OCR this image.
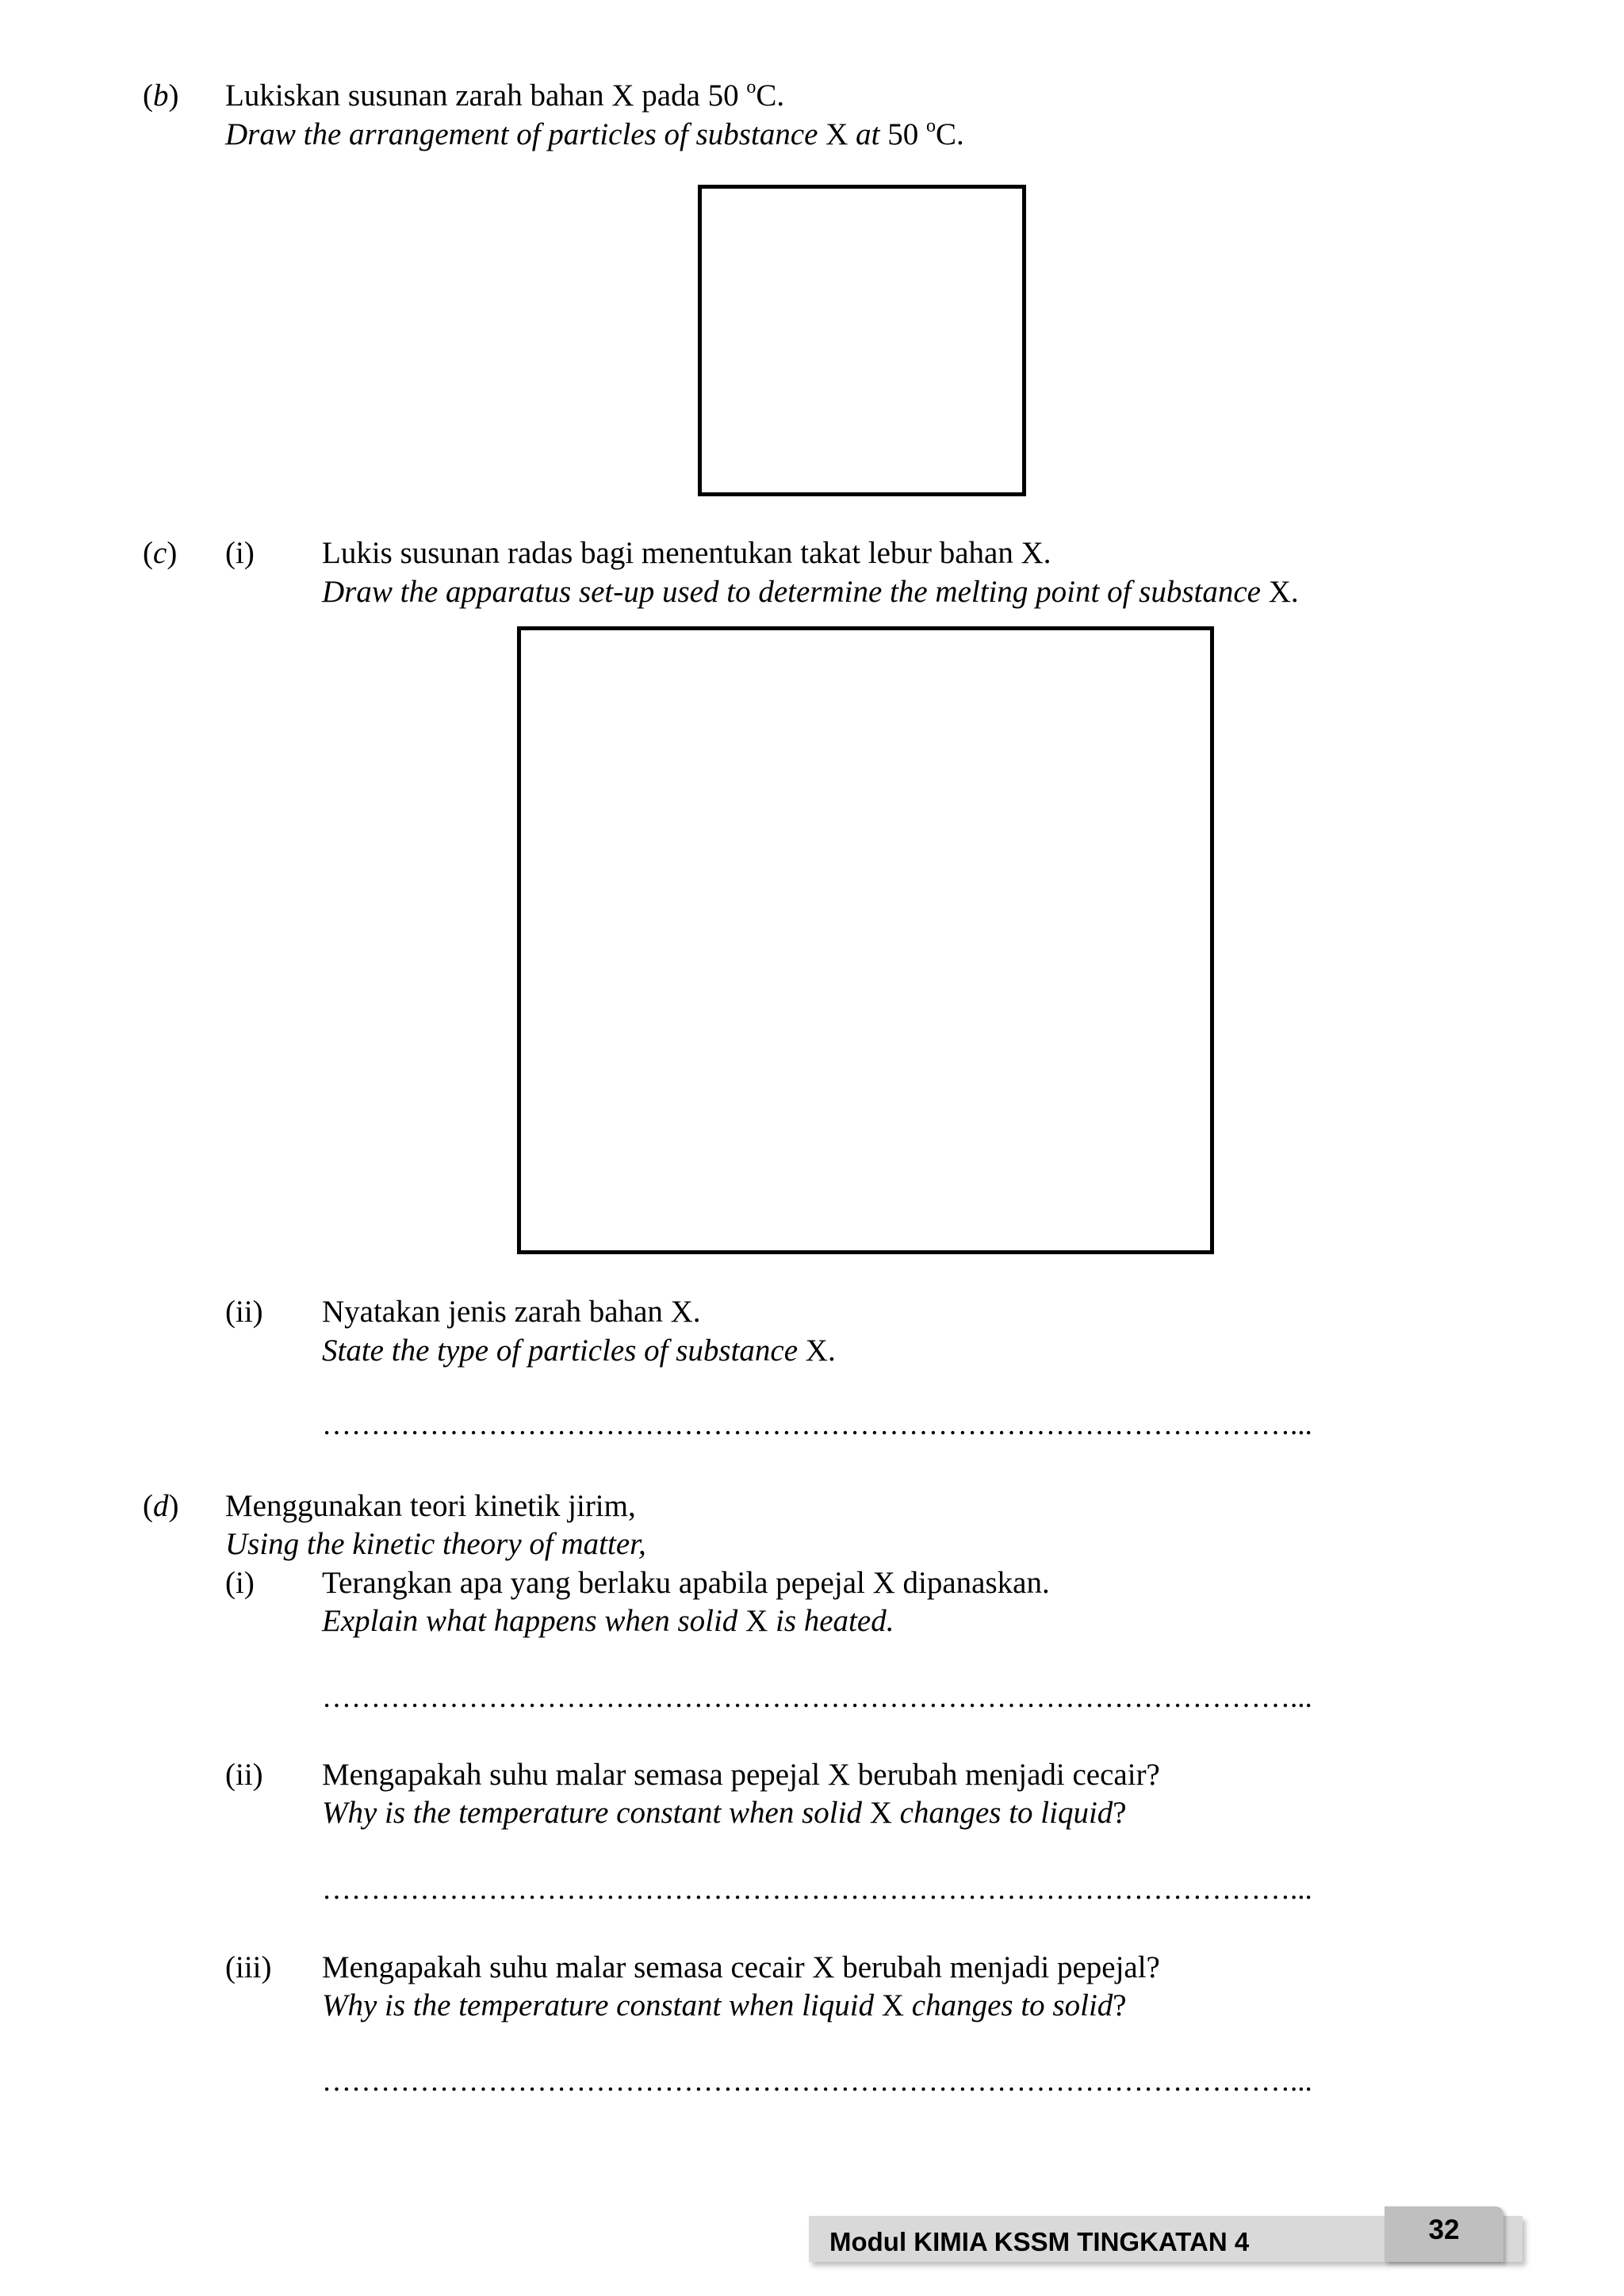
(b) Lukiskan susunan zarah bahan X pada 50 $^o$C.
Draw the arrangement of particles of substance X at 50 $^o$C.
(c) (i) Lukis susunan radas bagi menentukan takat lebur bahan X.
Draw the apparatus set-up used to determine the melting point of substance X.
(ii) Nyatakan jenis zarah bahan X.
State the type of particles of substance X.
………………………………………………………………………………………...
(d) Menggunakan teori kinetik jirim,
Using the kinetic theory of matter,
(i) Terangkan apa yang berlaku apabila pepejal X dipanaskan.
Explain what happens when solid X is heated.
………………………………………………………………………………………...
(ii) Mengapakah suhu malar semasa pepejal X berubah menjadi cecair?
Why is the temperature constant when solid X changes to liquid?
………………………………………………………………………………………...
(iii) Mengapakah suhu malar semasa cecair X berubah menjadi pepejal?
Why is the temperature constant when liquid X changes to solid?
………………………………………………………………………………………...
Modul KIMIA KSSM TINGKATAN 4	32
